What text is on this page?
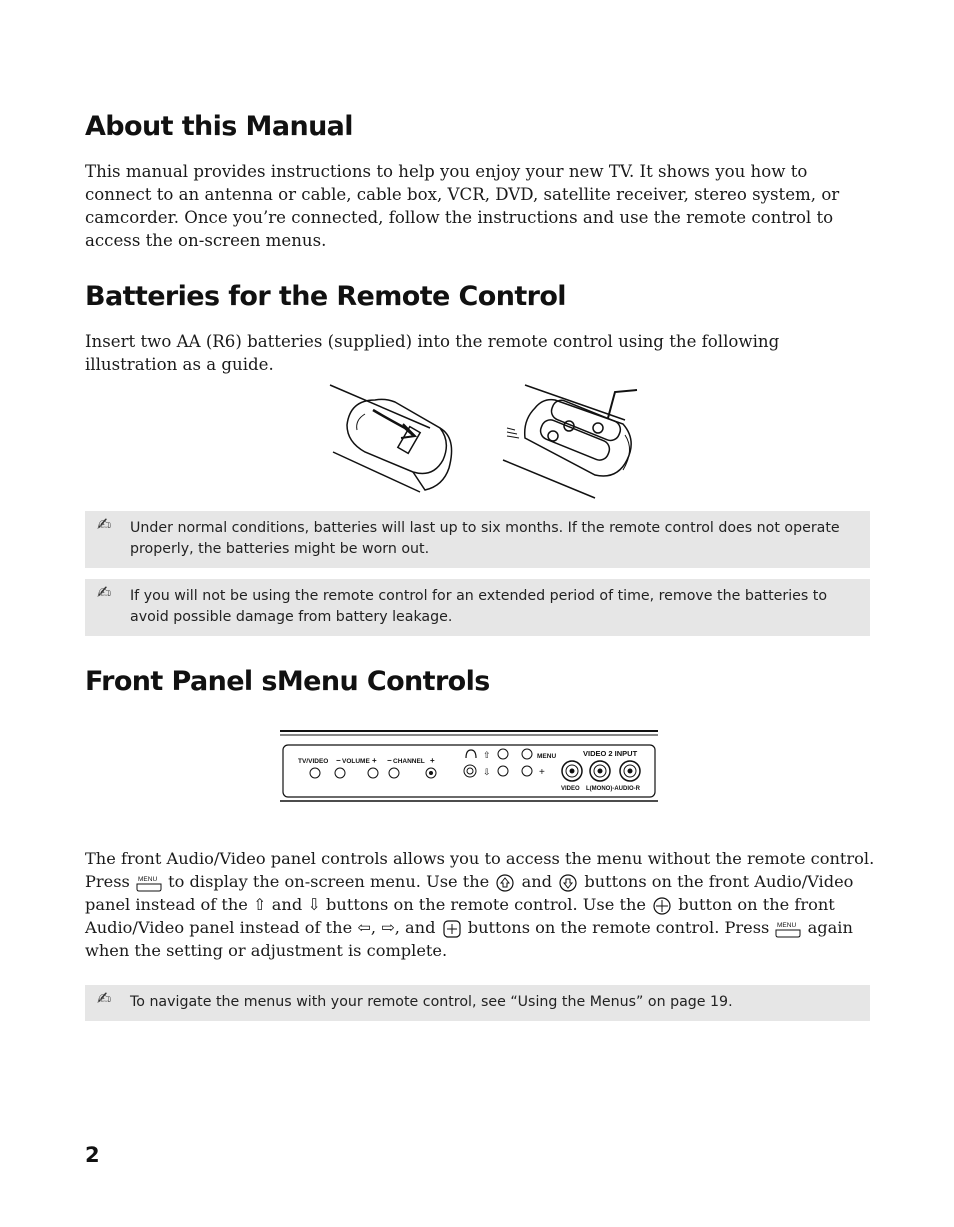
About this Manual

This manual provides instructions to help you enjoy your new TV. It shows you how to connect to an antenna or cable, cable box, VCR, DVD, satellite receiver, stereo system, or camcorder. Once you’re connected, follow the instructions and use the remote control to access the on-screen menus.

Batteries for the Remote Control

Insert two AA (R6) batteries (supplied) into the remote control using the following illustration as a guide.

✍ Under normal conditions, batteries will last up to six months. If the remote control does not operate properly, the batteries might be worn out.
✍ If you will not be using the remote control for an extended period of time, remove the batteries to avoid possible damage from battery leakage.
Front Panel sMenu Controls
TV/VIDEO − VOLUME + − CHANNEL +
⇧
⇩
MENU
+
VIDEO 2 INPUT
VIDEO L(MONO)-AUDIO-R

The front Audio/Video panel controls allows you to access the menu without the remote control. Press MENU to display the on-screen menu. Use the and buttons on the front Audio/Video panel instead of the ⇧ and ⇩ buttons on the remote control. Use the button on the front Audio/Video panel instead of the ⇦, ⇨, and buttons on the remote control. Press MENU again when the setting or adjustment is complete.

✍ To navigate the menus with your remote control, see “Using the Menus” on page 19.
2
